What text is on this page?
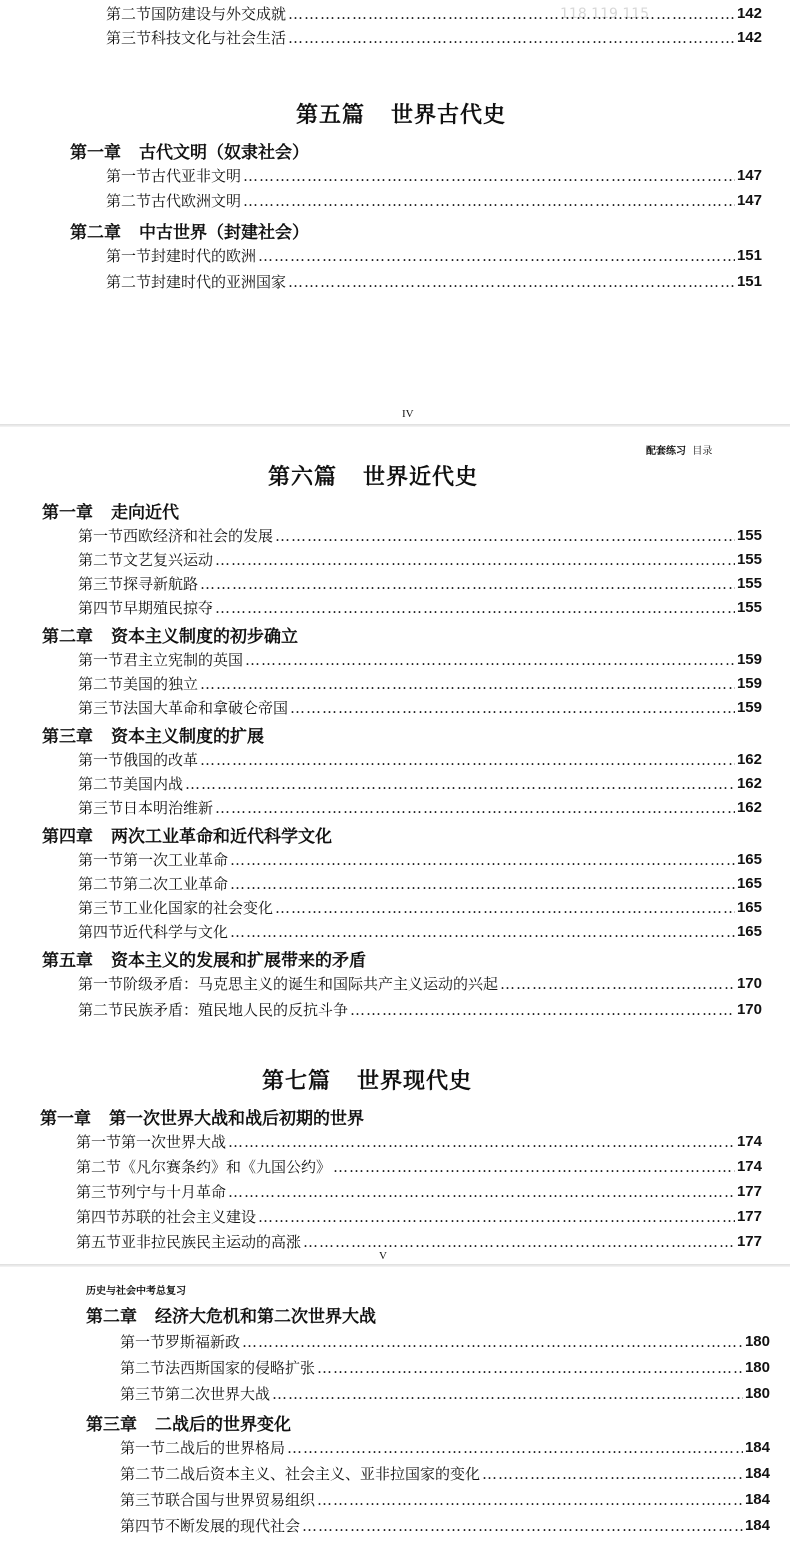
118 119 115
第二节 国防建设与外交成就 …………………………………………………………………………………………………………………………………………………………………………………………………	142
第三节 科技文化与社会生活 …………………………………………………………………………………………………………………………………………………………………………………………………	142
第五篇 世界古代史
第一章 古代文明（奴隶社会）
第一节 古代亚非文明 …………………………………………………………………………………………………………………………………………………………………………………………………	147
第二节 古代欧洲文明 …………………………………………………………………………………………………………………………………………………………………………………………………	147
第二章 中古世界（封建社会）
第一节 封建时代的欧洲 …………………………………………………………………………………………………………………………………………………………………………………………………	151
第二节 封建时代的亚洲国家 …………………………………………………………………………………………………………………………………………………………………………………………………	151
IV
配套练习 目录
第六篇 世界近代史
第一章 走向近代
第一节 西欧经济和社会的发展 …………………………………………………………………………………………………………………………………………………………………………………………………	155
第二节 文艺复兴运动 …………………………………………………………………………………………………………………………………………………………………………………………………	155
第三节 探寻新航路 …………………………………………………………………………………………………………………………………………………………………………………………………	155
第四节 早期殖民掠夺 …………………………………………………………………………………………………………………………………………………………………………………………………	155
第二章 资本主义制度的初步确立
第一节 君主立宪制的英国 …………………………………………………………………………………………………………………………………………………………………………………………………	159
第二节 美国的独立 …………………………………………………………………………………………………………………………………………………………………………………………………	159
第三节 法国大革命和拿破仑帝国 …………………………………………………………………………………………………………………………………………………………………………………………………	159
第三章 资本主义制度的扩展
第一节 俄国的改革 …………………………………………………………………………………………………………………………………………………………………………………………………	162
第二节 美国内战 …………………………………………………………………………………………………………………………………………………………………………………………………	162
第三节 日本明治维新 …………………………………………………………………………………………………………………………………………………………………………………………………	162
第四章 两次工业革命和近代科学文化
第一节 第一次工业革命 …………………………………………………………………………………………………………………………………………………………………………………………………	165
第二节 第二次工业革命 …………………………………………………………………………………………………………………………………………………………………………………………………	165
第三节 工业化国家的社会变化 …………………………………………………………………………………………………………………………………………………………………………………………………	165
第四节 近代科学与文化 …………………………………………………………………………………………………………………………………………………………………………………………………	165
第五章 资本主义的发展和扩展带来的矛盾
第一节 阶级矛盾：马克思主义的诞生和国际共产主义运动的兴起 …………………………………………………………………………………………………………………………………………………………………………………………………	170
第二节 民族矛盾：殖民地人民的反抗斗争 …………………………………………………………………………………………………………………………………………………………………………………………………	170
第七篇 世界现代史
第一章 第一次世界大战和战后初期的世界
第一节 第一次世界大战 …………………………………………………………………………………………………………………………………………………………………………………………………	174
第二节 《凡尔赛条约》和《九国公约》 …………………………………………………………………………………………………………………………………………………………………………………………………	174
第三节 列宁与十月革命 …………………………………………………………………………………………………………………………………………………………………………………………………	177
第四节 苏联的社会主义建设 …………………………………………………………………………………………………………………………………………………………………………………………………	177
第五节 亚非拉民族民主运动的高涨 …………………………………………………………………………………………………………………………………………………………………………………………………	177
V
历史与社会中考总复习
第二章 经济大危机和第二次世界大战
第一节 罗斯福新政 …………………………………………………………………………………………………………………………………………………………………………………………………	180
第二节 法西斯国家的侵略扩张 …………………………………………………………………………………………………………………………………………………………………………………………………	180
第三节 第二次世界大战 …………………………………………………………………………………………………………………………………………………………………………………………………	180
第三章 二战后的世界变化
第一节 二战后的世界格局 …………………………………………………………………………………………………………………………………………………………………………………………………	184
第二节 二战后资本主义、社会主义、亚非拉国家的变化 …………………………………………………………………………………………………………………………………………………………………………………………………	184
第三节 联合国与世界贸易组织 …………………………………………………………………………………………………………………………………………………………………………………………………	184
第四节 不断发展的现代社会 …………………………………………………………………………………………………………………………………………………………………………………………………	184
